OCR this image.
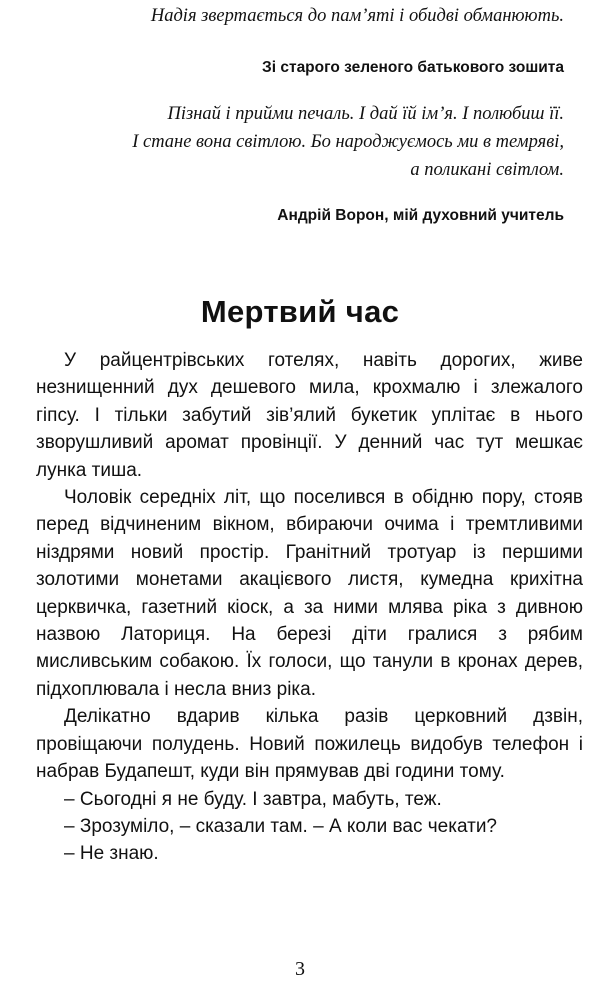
Надія звертається до пам’яті і обидві обманюють.

Зі старого зеленого батькового зошита

Пізнай і прийми печаль. І дай їй ім’я. І полюбиш її.

І стане вона світлою. Бо народжуємось ми в темряві,

а поликані світлом.

Андрій Ворон, мій духовний учитель

Мертвий час

У райцентрівських готелях, навіть дорогих, живе незнищенний дух дешевого мила, крохмалю і злежалого гіпсу. І тільки забутий зів’ялий букетик уплітає в нього зворушливий аромат провінції. У денний час тут мешкає лунка тиша.

Чоловік середніх літ, що поселився в обідню пору, стояв перед відчиненим вікном, вбираючи очима і тремтливими ніздрями новий простір. Гранітний тротуар із першими золотими монетами акацієвого листя, кумедна крихітна церквичка, газетний кіоск, а за ними млява ріка з дивною назвою Латориця. На березі діти гралися з рябим мисливським собакою. Їх голоси, що танули в кронах дерев, підхоплювала і несла вниз ріка.

Делікатно вдарив кілька разів церковний дзвін, провіщаючи полудень. Новий пожилець видобув телефон і набрав Будапешт, куди він прямував дві години тому.

– Сьогодні я не буду. І завтра, мабуть, теж.

– Зрозуміло, – сказали там. – А коли вас чекати?

– Не знаю.

3
